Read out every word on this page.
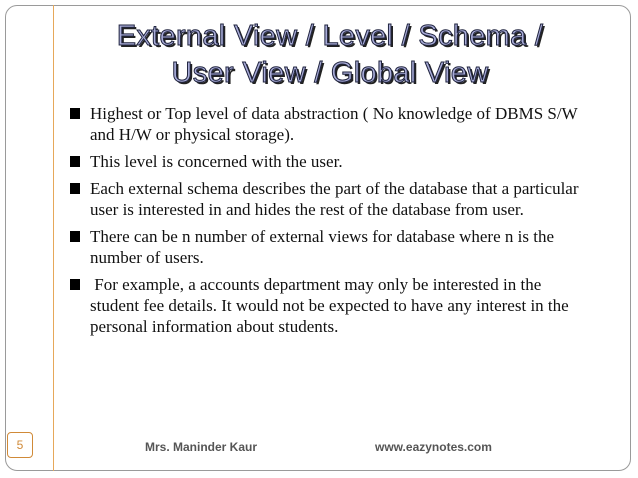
External View / Level / Schema /
User View / Global View
Highest or Top level of data abstraction ( No knowledge of DBMS S/W and H/W or physical storage).
This level is concerned with the user.
Each external schema describes the part of the database that a particular user is interested in and hides the rest of the database from user.
There can be n number of external views for database where n is the number of users.
For example, a accounts department may only be interested in the student fee details. It would not be expected to have any interest in the personal information about students.
5	Mrs. Maninder Kaur	www.eazynotes.com
